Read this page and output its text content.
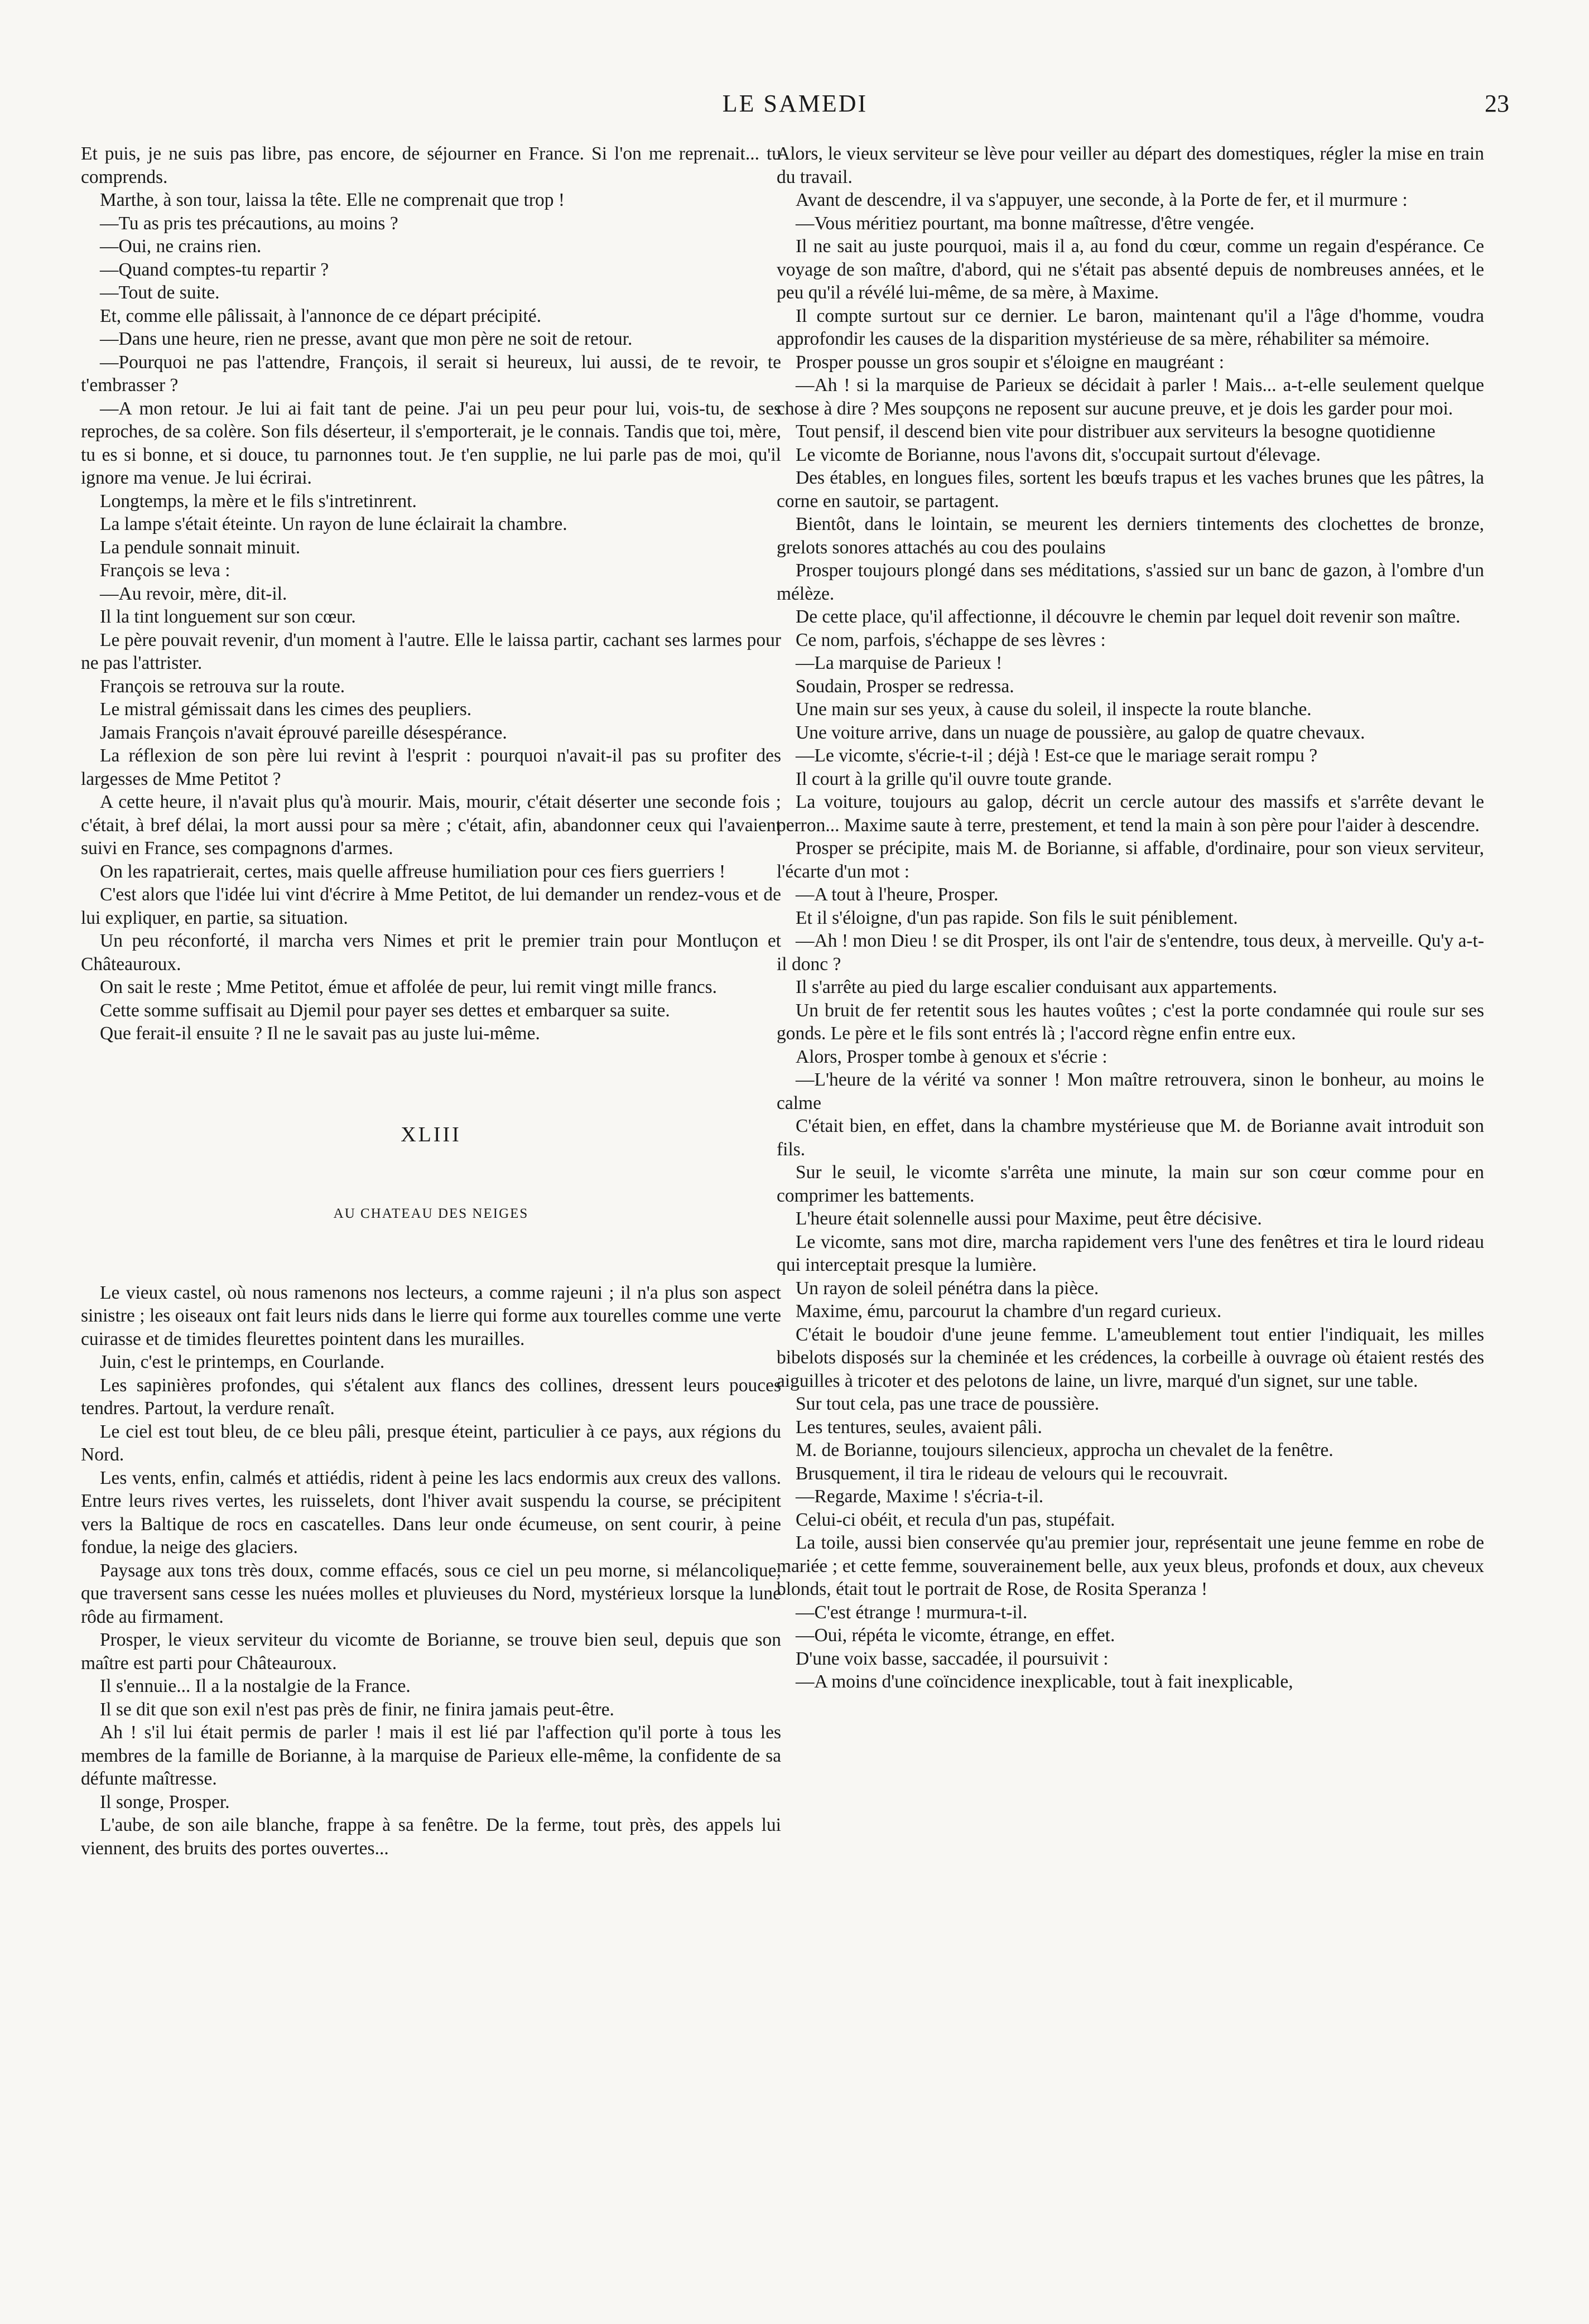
LE SAMEDI	23

Et puis, je ne suis pas libre, pas encore, de séjourner en France. Si l'on me reprenait... tu comprends.

Marthe, à son tour, laissa la tête. Elle ne comprenait que trop !

—Tu as pris tes précautions, au moins ?

—Oui, ne crains rien.

—Quand comptes-tu repartir ?

—Tout de suite.

Et, comme elle pâlissait, à l'annonce de ce départ précipité.

—Dans une heure, rien ne presse, avant que mon père ne soit de retour.

—Pourquoi ne pas l'attendre, François, il serait si heureux, lui aussi, de te revoir, te t'embrasser ?

—A mon retour. Je lui ai fait tant de peine. J'ai un peu peur pour lui, vois-tu, de ses reproches, de sa colère. Son fils déserteur, il s'emporterait, je le connais. Tandis que toi, mère, tu es si bonne, et si douce, tu parnonnes tout. Je t'en supplie, ne lui parle pas de moi, qu'il ignore ma venue. Je lui écrirai.

Longtemps, la mère et le fils s'intretinrent.

La lampe s'était éteinte. Un rayon de lune éclairait la chambre.

La pendule sonnait minuit.

François se leva :

—Au revoir, mère, dit-il.

Il la tint longuement sur son cœur.

Le père pouvait revenir, d'un moment à l'autre. Elle le laissa partir, cachant ses larmes pour ne pas l'attrister.

François se retrouva sur la route.

Le mistral gémissait dans les cimes des peupliers.

Jamais François n'avait éprouvé pareille désespérance.

La réflexion de son père lui revint à l'esprit : pourquoi n'avait-il pas su profiter des largesses de Mme Petitot ?

A cette heure, il n'avait plus qu'à mourir. Mais, mourir, c'était déserter une seconde fois ; c'était, à bref délai, la mort aussi pour sa mère ; c'était, afin, abandonner ceux qui l'avaient suivi en France, ses compagnons d'armes.

On les rapatrierait, certes, mais quelle affreuse humiliation pour ces fiers guerriers !

C'est alors que l'idée lui vint d'écrire à Mme Petitot, de lui demander un rendez-vous et de lui expliquer, en partie, sa situation.

Un peu réconforté, il marcha vers Nimes et prit le premier train pour Montluçon et Châteauroux.

On sait le reste ; Mme Petitot, émue et affolée de peur, lui remit vingt mille francs.

Cette somme suffisait au Djemil pour payer ses dettes et embarquer sa suite.

Que ferait-il ensuite ? Il ne le savait pas au juste lui-même.

XLIII
AU CHATEAU DES NEIGES

Le vieux castel, où nous ramenons nos lecteurs, a comme rajeuni ; il n'a plus son aspect sinistre ; les oiseaux ont fait leurs nids dans le lierre qui forme aux tourelles comme une verte cuirasse et de timides fleurettes pointent dans les murailles.

Juin, c'est le printemps, en Courlande.

Les sapinières profondes, qui s'étalent aux flancs des collines, dressent leurs pouces tendres. Partout, la verdure renaît.

Le ciel est tout bleu, de ce bleu pâli, presque éteint, particulier à ce pays, aux régions du Nord.

Les vents, enfin, calmés et attiédis, rident à peine les lacs endormis aux creux des vallons. Entre leurs rives vertes, les ruisselets, dont l'hiver avait suspendu la course, se précipitent vers la Baltique de rocs en cascatelles. Dans leur onde écumeuse, on sent courir, à peine fondue, la neige des glaciers.

Paysage aux tons très doux, comme effacés, sous ce ciel un peu morne, si mélancolique, que traversent sans cesse les nuées molles et pluvieuses du Nord, mystérieux lorsque la lune rôde au firmament.

Prosper, le vieux serviteur du vicomte de Borianne, se trouve bien seul, depuis que son maître est parti pour Châteauroux.

Il s'ennuie... Il a la nostalgie de la France.

Il se dit que son exil n'est pas près de finir, ne finira jamais peut-être.

Ah ! s'il lui était permis de parler ! mais il est lié par l'affection qu'il porte à tous les membres de la famille de Borianne, à la marquise de Parieux elle-même, la confidente de sa défunte maîtresse.

Il songe, Prosper.

L'aube, de son aile blanche, frappe à sa fenêtre. De la ferme, tout près, des appels lui viennent, des bruits des portes ouvertes...

Alors, le vieux serviteur se lève pour veiller au départ des domestiques, régler la mise en train du travail.

Avant de descendre, il va s'appuyer, une seconde, à la Porte de fer, et il murmure :

—Vous méritiez pourtant, ma bonne maîtresse, d'être vengée.

Il ne sait au juste pourquoi, mais il a, au fond du cœur, comme un regain d'espérance. Ce voyage de son maître, d'abord, qui ne s'était pas absenté depuis de nombreuses années, et le peu qu'il a révélé lui-même, de sa mère, à Maxime.

Il compte surtout sur ce dernier. Le baron, maintenant qu'il a l'âge d'homme, voudra approfondir les causes de la disparition mystérieuse de sa mère, réhabiliter sa mémoire.

Prosper pousse un gros soupir et s'éloigne en maugréant :

—Ah ! si la marquise de Parieux se décidait à parler ! Mais... a-t-elle seulement quelque chose à dire ? Mes soupçons ne reposent sur aucune preuve, et je dois les garder pour moi.

Tout pensif, il descend bien vite pour distribuer aux serviteurs la besogne quotidienne

Le vicomte de Borianne, nous l'avons dit, s'occupait surtout d'élevage.

Des étables, en longues files, sortent les bœufs trapus et les vaches brunes que les pâtres, la corne en sautoir, se partagent.

Bientôt, dans le lointain, se meurent les derniers tintements des clochettes de bronze, grelots sonores attachés au cou des poulains

Prosper toujours plongé dans ses méditations, s'assied sur un banc de gazon, à l'ombre d'un mélèze.

De cette place, qu'il affectionne, il découvre le chemin par lequel doit revenir son maître.

Ce nom, parfois, s'échappe de ses lèvres :

—La marquise de Parieux !

Soudain, Prosper se redressa.

Une main sur ses yeux, à cause du soleil, il inspecte la route blanche.

Une voiture arrive, dans un nuage de poussière, au galop de quatre chevaux.

—Le vicomte, s'écrie-t-il ; déjà ! Est-ce que le mariage serait rompu ?

Il court à la grille qu'il ouvre toute grande.

La voiture, toujours au galop, décrit un cercle autour des massifs et s'arrête devant le perron... Maxime saute à terre, prestement, et tend la main à son père pour l'aider à descendre.

Prosper se précipite, mais M. de Borianne, si affable, d'ordinaire, pour son vieux serviteur, l'écarte d'un mot :

—A tout à l'heure, Prosper.

Et il s'éloigne, d'un pas rapide. Son fils le suit péniblement.

—Ah ! mon Dieu ! se dit Prosper, ils ont l'air de s'entendre, tous deux, à merveille. Qu'y a-t-il donc ?

Il s'arrête au pied du large escalier conduisant aux appartements.

Un bruit de fer retentit sous les hautes voûtes ; c'est la porte condamnée qui roule sur ses gonds. Le père et le fils sont entrés là ; l'accord règne enfin entre eux.

Alors, Prosper tombe à genoux et s'écrie :

—L'heure de la vérité va sonner ! Mon maître retrouvera, sinon le bonheur, au moins le calme

C'était bien, en effet, dans la chambre mystérieuse que M. de Borianne avait introduit son fils.

Sur le seuil, le vicomte s'arrêta une minute, la main sur son cœur comme pour en comprimer les battements.

L'heure était solennelle aussi pour Maxime, peut être décisive.

Le vicomte, sans mot dire, marcha rapidement vers l'une des fenêtres et tira le lourd rideau qui interceptait presque la lumière.

Un rayon de soleil pénétra dans la pièce.

Maxime, ému, parcourut la chambre d'un regard curieux.

C'était le boudoir d'une jeune femme. L'ameublement tout entier l'indiquait, les milles bibelots disposés sur la cheminée et les crédences, la corbeille à ouvrage où étaient restés des aiguilles à tricoter et des pelotons de laine, un livre, marqué d'un signet, sur une table.

Sur tout cela, pas une trace de poussière.

Les tentures, seules, avaient pâli.

M. de Borianne, toujours silencieux, approcha un chevalet de la fenêtre.

Brusquement, il tira le rideau de velours qui le recouvrait.

—Regarde, Maxime ! s'écria-t-il.

Celui-ci obéit, et recula d'un pas, stupéfait.

La toile, aussi bien conservée qu'au premier jour, représentait une jeune femme en robe de mariée ; et cette femme, souverainement belle, aux yeux bleus, profonds et doux, aux cheveux blonds, était tout le portrait de Rose, de Rosita Speranza !

—C'est étrange ! murmura-t-il.

—Oui, répéta le vicomte, étrange, en effet.

D'une voix basse, saccadée, il poursuivit :

—A moins d'une coïncidence inexplicable, tout à fait inexplicable,
